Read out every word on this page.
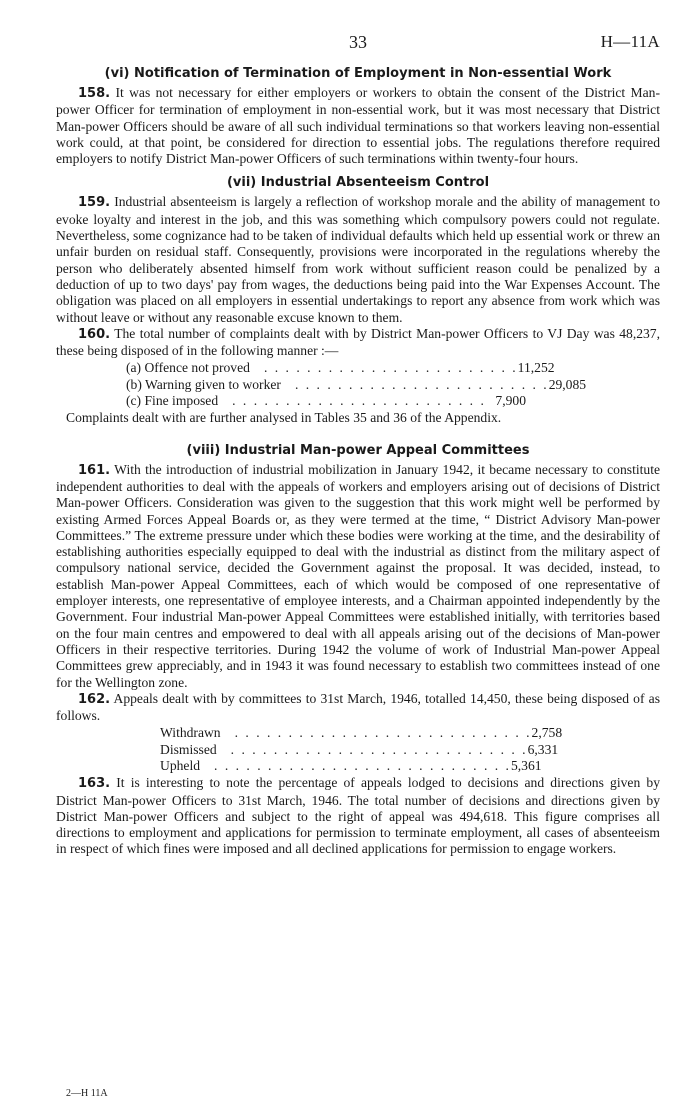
33	H—11A
(vi) Notification of Termination of Employment in Non-essential Work

158. It was not necessary for either employers or workers to obtain the consent of the District Man-power Officer for termination of employment in non-essential work, but it was most necessary that District Man-power Officers should be aware of all such individual terminations so that workers leaving non-essential work could, at that point, be considered for direction to essential jobs. The regulations therefore required employers to notify District Man-power Officers of such terminations within twenty-four hours.

(vii) Industrial Absenteeism Control

159. Industrial absenteeism is largely a reflection of workshop morale and the ability of management to evoke loyalty and interest in the job, and this was something which compulsory powers could not regulate. Nevertheless, some cognizance had to be taken of individual defaults which held up essential work or threw an unfair burden on residual staff. Consequently, provisions were incorporated in the regulations whereby the person who deliberately absented himself from work without sufficient reason could be penalized by a deduction of up to two days' pay from wages, the deductions being paid into the War Expenses Account. The obligation was placed on all employers in essential undertakings to report any absence from work which was without leave or without any reasonable excuse known to them.

160. The total number of complaints dealt with by District Man-power Officers to VJ Day was 48,237, these being disposed of in the following manner :—

(a) Offence not proved	. . . . . . . . . . . . . . . . . . . . . . . . 11,252
(b) Warning given to worker	. . . . . . . . . . . . . . . . . . . . . . . . 29,085
(c) Fine imposed	. . . . . . . . . . . . . . . . . . . . . . . . 7,900
Complaints dealt with are further analysed in Tables 35 and 36 of the Appendix.
(viii) Industrial Man-power Appeal Committees

161. With the introduction of industrial mobilization in January 1942, it became necessary to constitute independent authorities to deal with the appeals of workers and employers arising out of decisions of District Man-power Officers. Consideration was given to the suggestion that this work might well be performed by existing Armed Forces Appeal Boards or, as they were termed at the time, “ District Advisory Man-power Committees.” The extreme pressure under which these bodies were working at the time, and the desirability of establishing authorities especially equipped to deal with the industrial as distinct from the military aspect of compulsory national service, decided the Government against the proposal. It was decided, instead, to establish Man-power Appeal Committees, each of which would be composed of one representative of employer interests, one representative of employee interests, and a Chairman appointed independently by the Government. Four industrial Man-power Appeal Committees were established initially, with territories based on the four main centres and empowered to deal with all appeals arising out of the decisions of Man-power Officers in their respective territories. During 1942 the volume of work of Industrial Man-power Appeal Committees grew appreciably, and in 1943 it was found necessary to establish two committees instead of one for the Wellington zone.

162. Appeals dealt with by committees to 31st March, 1946, totalled 14,450, these being disposed of as follows.

Withdrawn	. . . . . . . . . . . . . . . . . . . . . . . . . . . . 2,758
Dismissed	. . . . . . . . . . . . . . . . . . . . . . . . . . . . 6,331
Upheld	. . . . . . . . . . . . . . . . . . . . . . . . . . . . 5,361

163. It is interesting to note the percentage of appeals lodged to decisions and directions given by District Man-power Officers to 31st March, 1946. The total number of decisions and directions given by District Man-power Officers and subject to the right of appeal was 494,618. This figure comprises all directions to employment and applications for permission to terminate employment, all cases of absenteeism in respect of which fines were imposed and all declined applications for permission to engage workers.

2—H 11A
